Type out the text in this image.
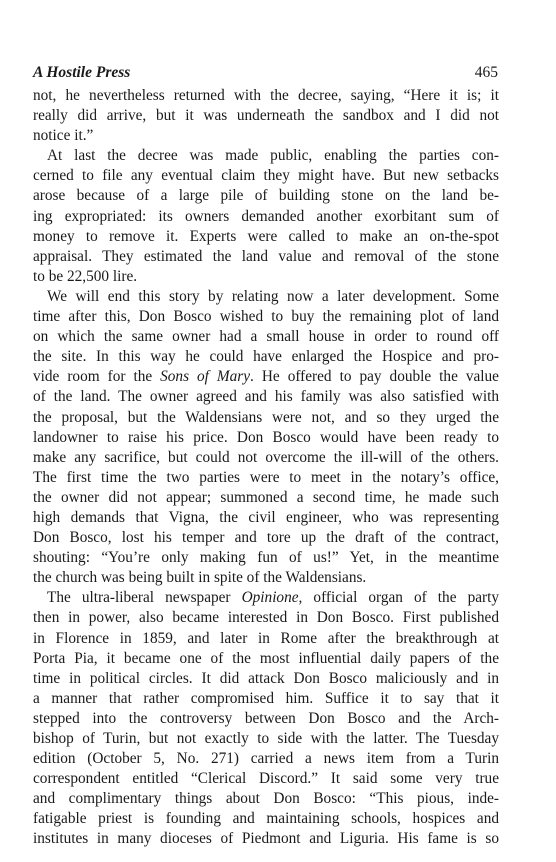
A Hostile Press	465
not, he nevertheless returned with the decree, saying, “Here it is; it
really did arrive, but it was underneath the sandbox and I did not
notice it.”
At last the decree was made public, enabling the parties con-
cerned to file any eventual claim they might have. But new setbacks
arose because of a large pile of building stone on the land be-
ing expropriated: its owners demanded another exorbitant sum of
money to remove it. Experts were called to make an on-the-spot
appraisal. They estimated the land value and removal of the stone
to be 22,500 lire.
We will end this story by relating now a later development. Some
time after this, Don Bosco wished to buy the remaining plot of land
on which the same owner had a small house in order to round off
the site. In this way he could have enlarged the Hospice and pro-
vide room for the Sons of Mary. He offered to pay double the value
of the land. The owner agreed and his family was also satisfied with
the proposal, but the Waldensians were not, and so they urged the
landowner to raise his price. Don Bosco would have been ready to
make any sacrifice, but could not overcome the ill-will of the others.
The first time the two parties were to meet in the notary’s office,
the owner did not appear; summoned a second time, he made such
high demands that Vigna, the civil engineer, who was representing
Don Bosco, lost his temper and tore up the draft of the contract,
shouting: “You’re only making fun of us!” Yet, in the meantime
the church was being built in spite of the Waldensians.
The ultra-liberal newspaper Opinione, official organ of the party
then in power, also became interested in Don Bosco. First published
in Florence in 1859, and later in Rome after the breakthrough at
Porta Pia, it became one of the most influential daily papers of the
time in political circles. It did attack Don Bosco maliciously and in
a manner that rather compromised him. Suffice it to say that it
stepped into the controversy between Don Bosco and the Arch-
bishop of Turin, but not exactly to side with the latter. The Tuesday
edition (October 5, No. 271) carried a news item from a Turin
correspondent entitled “Clerical Discord.” It said some very true
and complimentary things about Don Bosco: “This pious, inde-
fatigable priest is founding and maintaining schools, hospices and
institutes in many dioceses of Piedmont and Liguria. His fame is so
